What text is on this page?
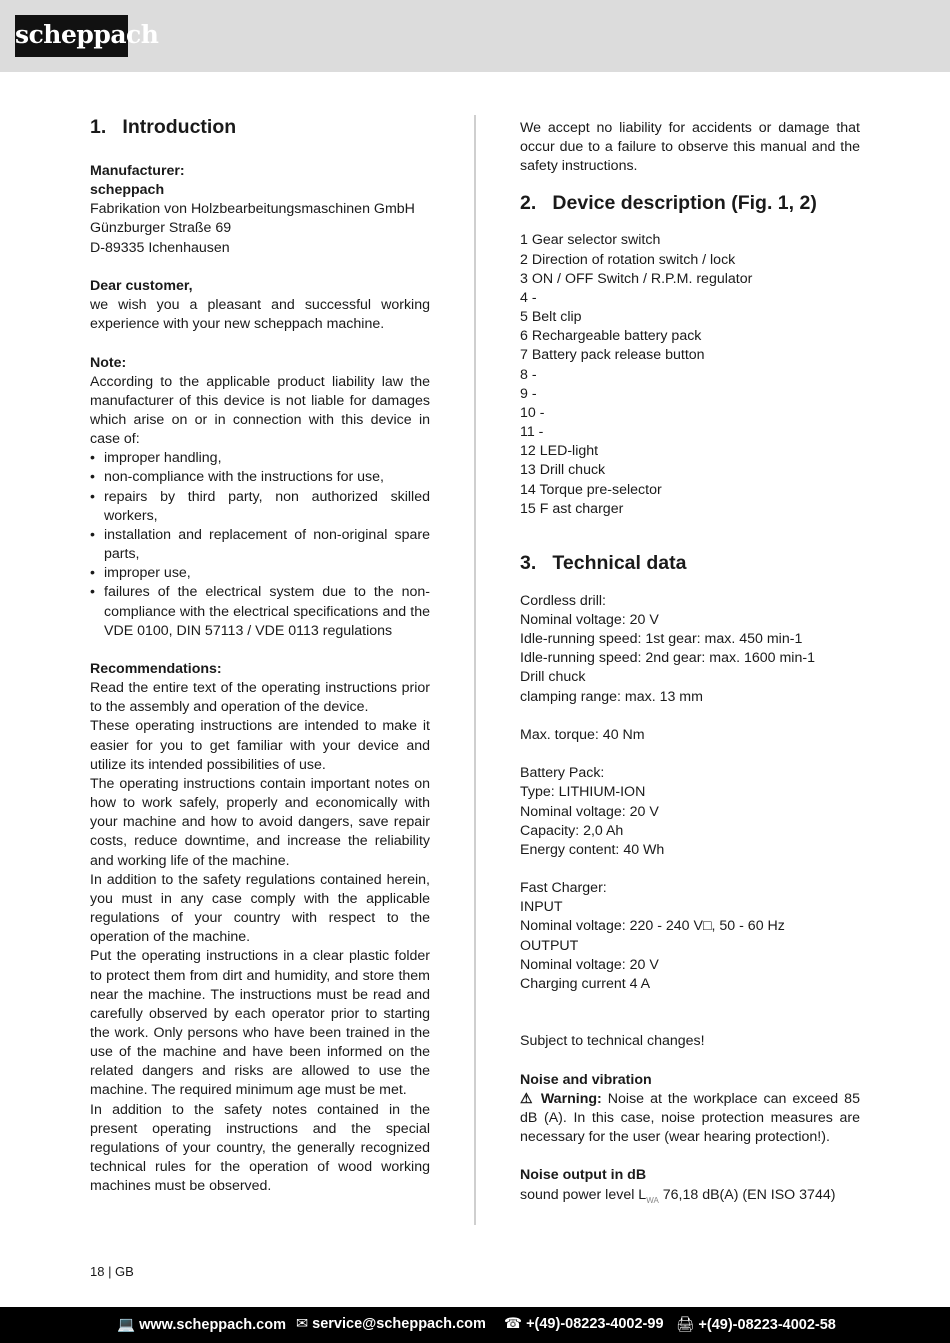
scheppach
1. Introduction
Manufacturer:
scheppach
Fabrikation von Holzbearbeitungsmaschinen GmbH
Günzburger Straße 69
D-89335 Ichenhausen
Dear customer,
we wish you a pleasant and successful working experience with your new scheppach machine.
Note:
According to the applicable product liability law the manufacturer of this device is not liable for damages which arise on or in connection with this device in case of:
• improper handling,
• non-compliance with the instructions for use,
• repairs by third party, non authorized skilled workers,
• installation and replacement of non-original spare parts,
• improper use,
• failures of the electrical system due to the non-compliance with the electrical specifications and the VDE 0100, DIN 57113 / VDE 0113 regulations
Recommendations:
Read the entire text of the operating instructions prior to the assembly and operation of the device.
These operating instructions are intended to make it easier for you to get familiar with your device and utilize its intended possibilities of use.
The operating instructions contain important notes on how to work safely, properly and economically with your machine and how to avoid dangers, save repair costs, reduce downtime, and increase the reliability and working life of the machine.
In addition to the safety regulations contained herein, you must in any case comply with the applicable regulations of your country with respect to the operation of the machine.
Put the operating instructions in a clear plastic folder to protect them from dirt and humidity, and store them near the machine. The instructions must be read and carefully observed by each operator prior to starting the work. Only persons who have been trained in the use of the machine and have been informed on the related dangers and risks are allowed to use the machine. The required minimum age must be met.
In addition to the safety notes contained in the present operating instructions and the special regulations of your country, the generally recognized technical rules for the operation of wood working machines must be observed.
We accept no liability for accidents or damage that occur due to a failure to observe this manual and the safety instructions.
2. Device description (Fig. 1, 2)
1 Gear selector switch
2 Direction of rotation switch / lock
3 ON / OFF Switch / R.P.M. regulator
4 -
5 Belt clip
6 Rechargeable battery pack
7 Battery pack release button
8 -
9 -
10 -
11 -
12 LED-light
13 Drill chuck
14 Torque pre-selector
15 F ast charger
3. Technical data
Cordless drill:
Nominal voltage: 20 V
Idle-running speed: 1st gear: max. 450 min-1
Idle-running speed: 2nd gear: max. 1600 min-1
Drill chuck
clamping range: max. 13 mm
Max. torque: 40 Nm
Battery Pack:
Type: LITHIUM-ION
Nominal voltage: 20 V
Capacity: 2,0 Ah
Energy content: 40 Wh
Fast Charger:
INPUT
Nominal voltage: 220 - 240 V□, 50 - 60 Hz
OUTPUT
Nominal voltage: 20 V
Charging current 4 A
Subject to technical changes!
Noise and vibration
⚠ Warning: Noise at the workplace can exceed 85 dB (A). In this case, noise protection measures are necessary for the user (wear hearing protection!).
Noise output in dB
sound power level $L_{WA}$ 76,18 dB(A) (EN ISO 3744)
18 | GB
💻 www.scheppach.com ✉ service@scheppach.com ☎ +(49)-08223-4002-99 🖨 +(49)-08223-4002-58
